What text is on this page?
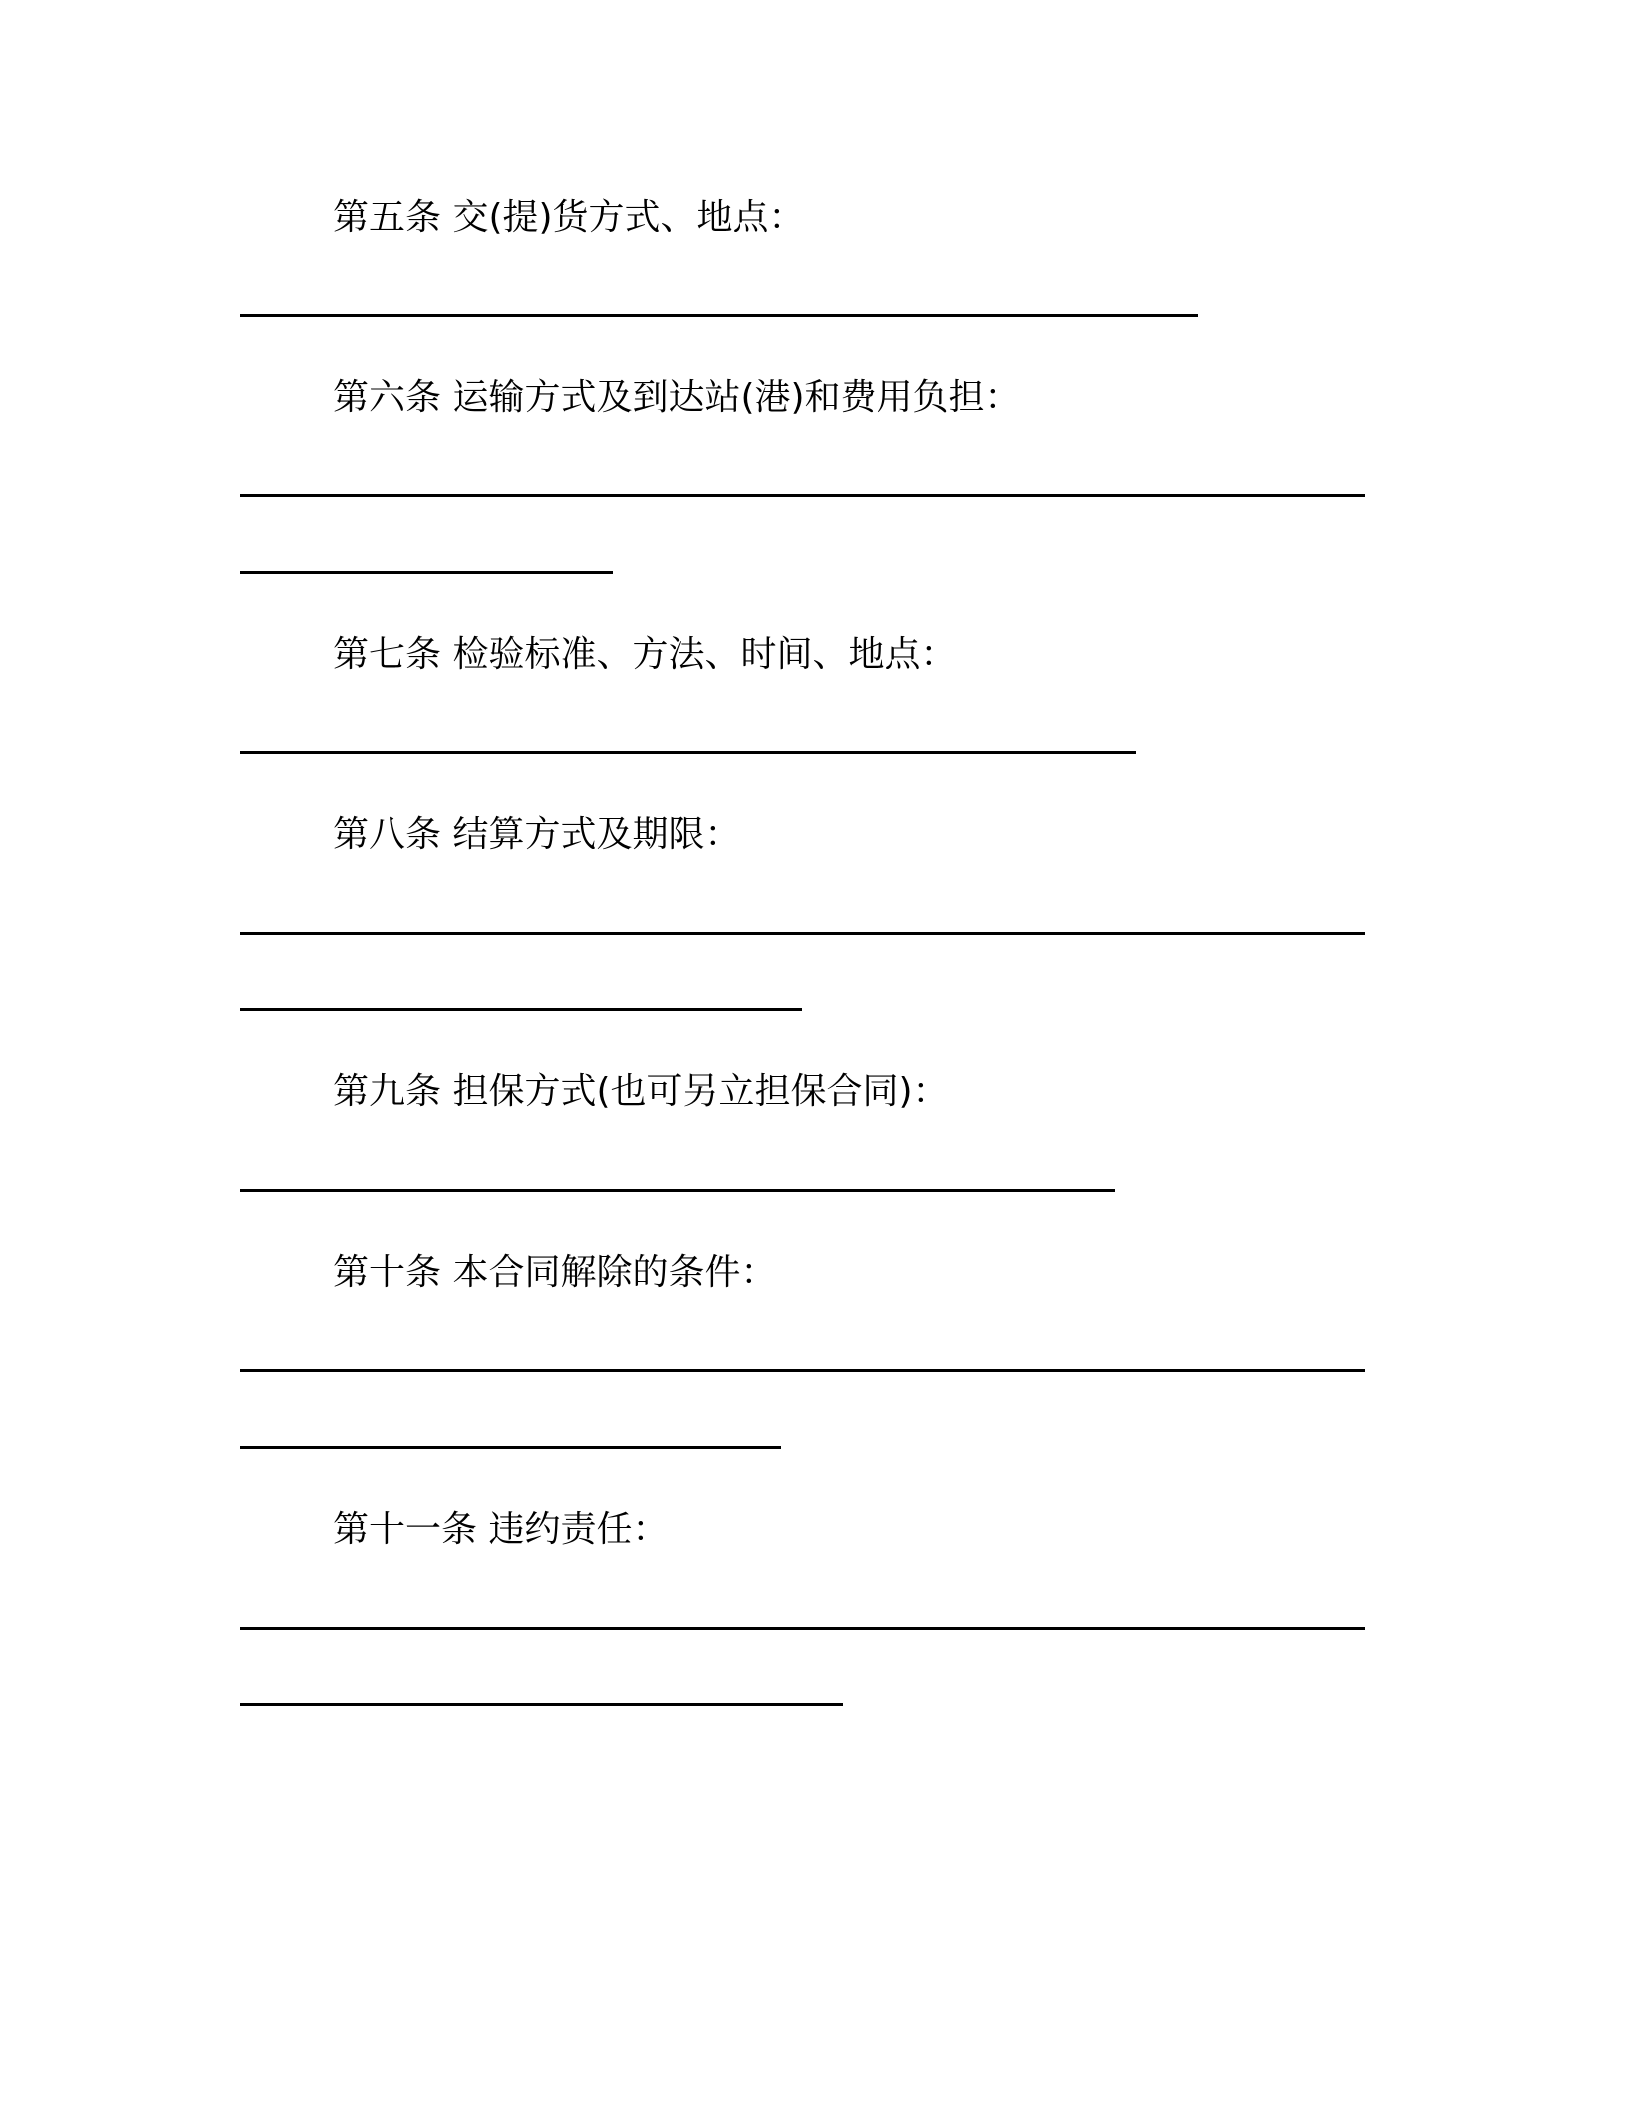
第五条 交(提)货方式、地点：
第六条 运输方式及到达站(港)和费用负担：
第七条 检验标准、方法、时间、地点：
第八条 结算方式及期限：
第九条 担保方式(也可另立担保合同)：
第十条 本合同解除的条件：
第十一条 违约责任：
